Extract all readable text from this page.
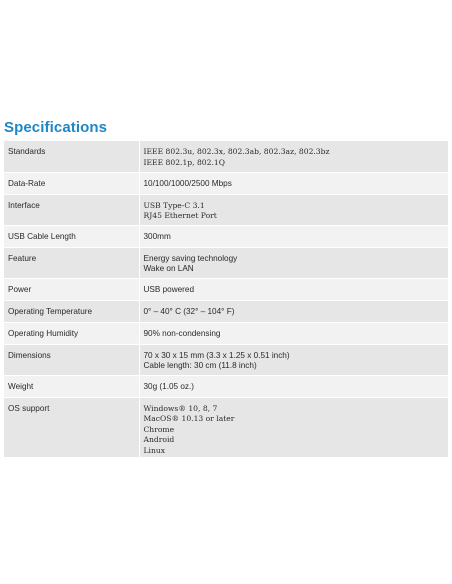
Specifications
Standards	IEEE 802.3u, 802.3x, 802.3ab, 802.3az, 802.3bz
IEEE 802.1p, 802.1Q

Data-Rate	10/100/1000/2500 Mbps

Interface	USB Type-C 3.1
RJ45 Ethernet Port

USB Cable Length	300mm

Feature	Energy saving technology
Wake on LAN

Power	USB powered

Operating Temperature	0° – 40° C (32° – 104° F)

Operating Humidity	90% non-condensing

Dimensions	70 x 30 x 15 mm (3.3 x 1.25 x 0.51 inch)
Cable length: 30 cm (11.8 inch)

Weight	30g (1.05 oz.)

OS support	Windows® 10, 8, 7
MacOS® 10.13 or later
Chrome
Android
Linux
